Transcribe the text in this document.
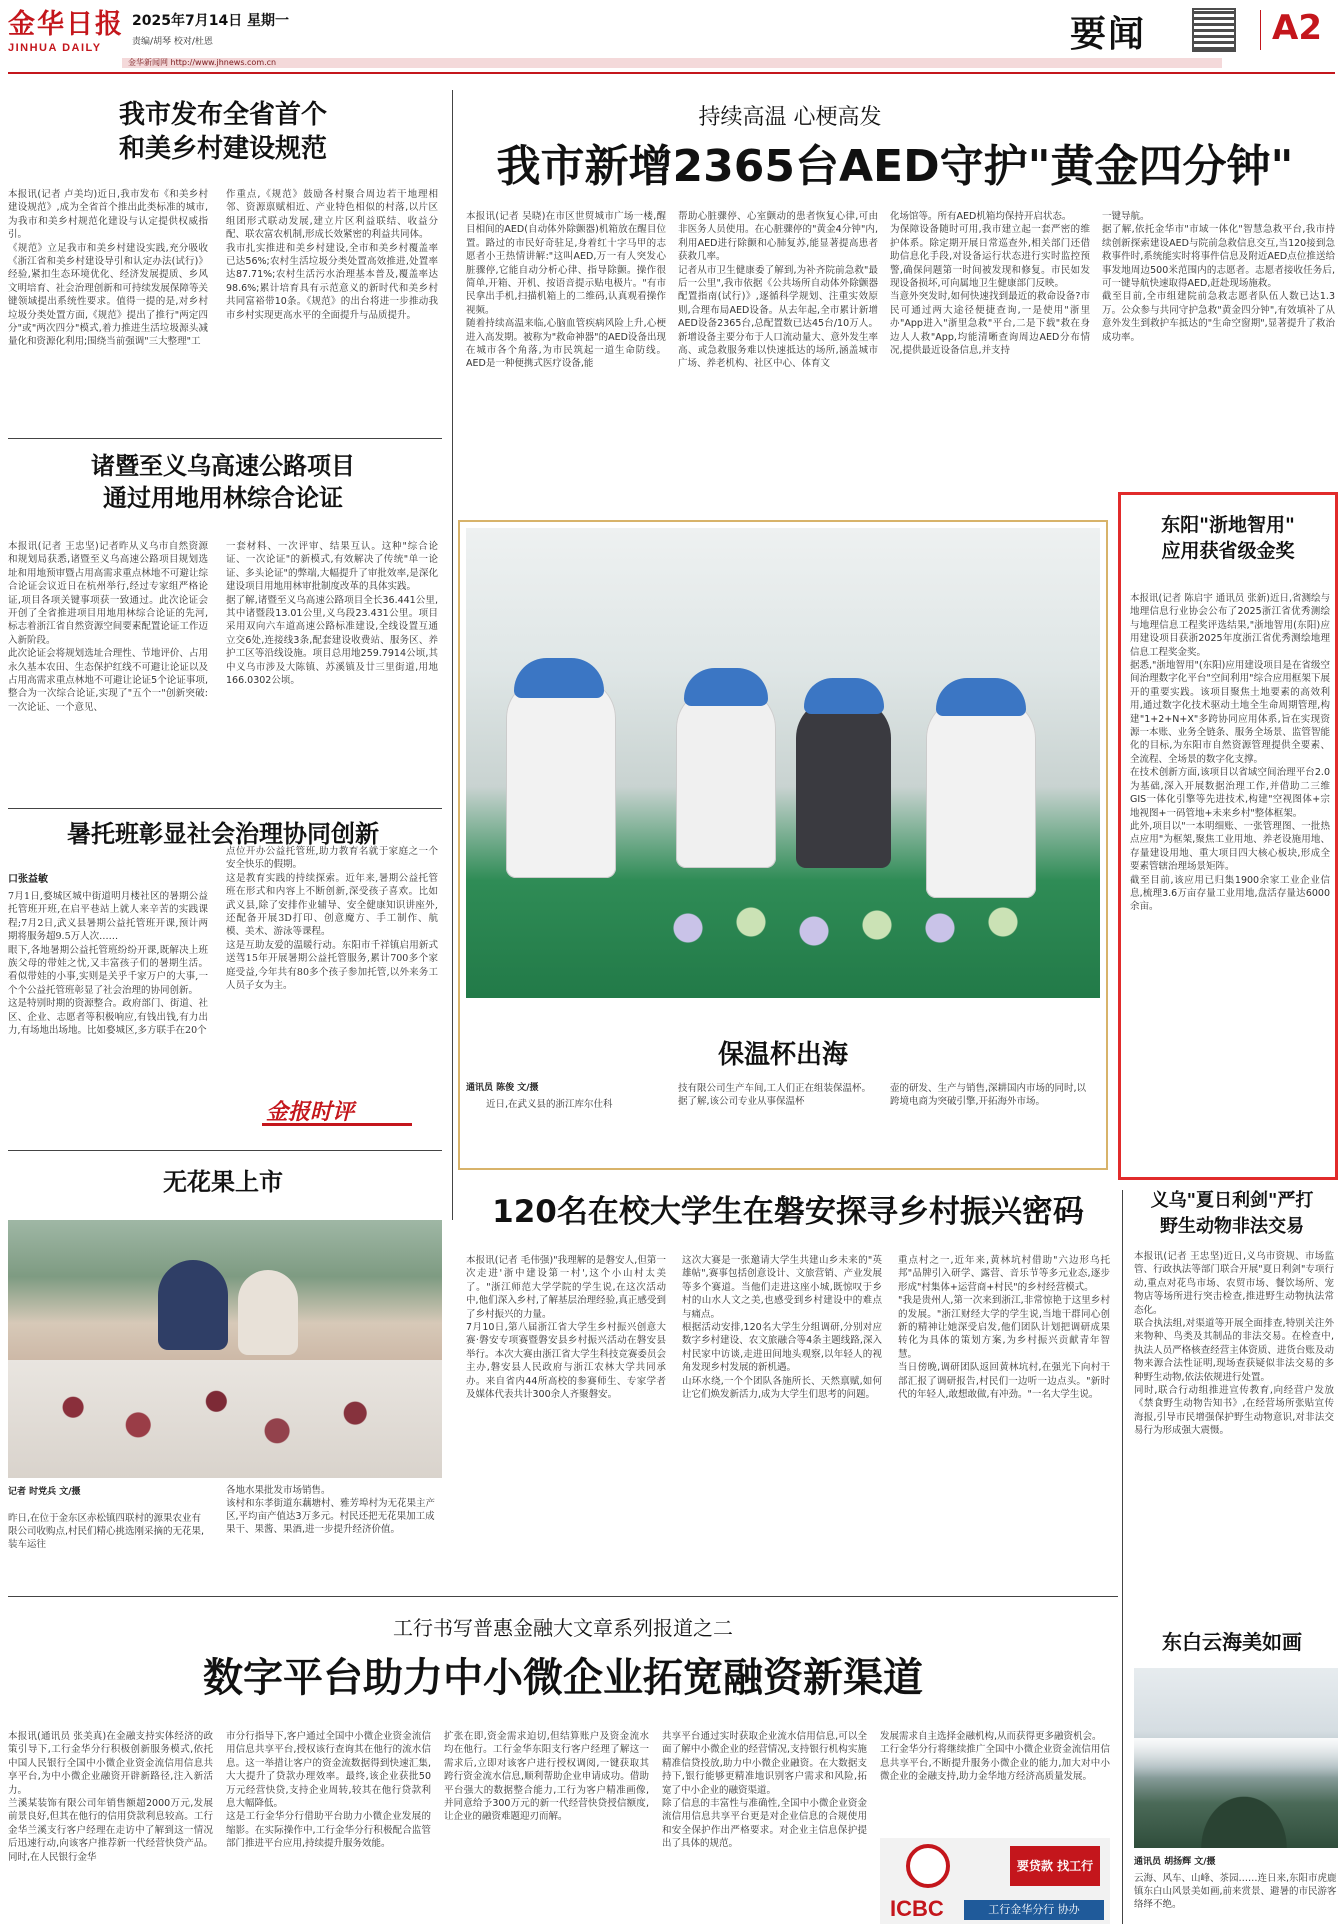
金华日报
JINHUA DAILY
2025年7月14日 星期一
责编/胡琴 校对/杜恩
金华新闻网 http://www.jhnews.com.cn
要闻	A2
我市发布全省首个
和美乡村建设规范
本报讯(记者 卢美均)近日,我市发布《和美乡村建设规范》,成为全省首个推出此类标准的城市,为我市和美乡村规范化建设与认定提供权威指引。
《规范》立足我市和美乡村建设实践,充分吸收《浙江省和美乡村建设导引和认定办法(试行)》经验,紧扣生态环境优化、经济发展提质、乡风文明培育、社会治理创新和可持续发展保障等关键领域提出系统性要求。值得一提的是,对乡村垃圾分类处置方面,《规范》提出了推行"两定四分"或"两次四分"模式,着力推进生活垃圾源头减量化和资源化利用;围绕当前强调"三大整理"工
作重点,《规范》鼓励各村聚合周边若干地理相邻、资源禀赋相近、产业特色相似的村落,以片区组团形式联动发展,建立片区利益联结、收益分配、联农富农机制,形成长效紧密的利益共同体。
我市扎实推进和美乡村建设,全市和美乡村覆盖率已达56%;农村生活垃圾分类处置高效推进,处置率达87.71%;农村生活污水治理基本普及,覆盖率达98.6%;累计培育具有示范意义的新时代和美乡村共同富裕带10条。《规范》的出台将进一步推动我市乡村实现更高水平的全面提升与品质提升。
诸暨至义乌高速公路项目
通过用地用林综合论证
本报讯(记者 王忠坚)记者昨从义乌市自然资源和规划局获悉,诸暨至义乌高速公路项目规划选址和用地预审暨占用高需求重点林地不可避让综合论证会议近日在杭州举行,经过专家组严格论证,项目各项关键事项获一致通过。此次论证会开创了全省推进项目用地用林综合论证的先河,标志着浙江省自然资源空间要素配置论证工作迈入新阶段。
此次论证会将规划选址合理性、节地评价、占用永久基本农田、生态保护红线不可避让论证以及占用高需求重点林地不可避让论证5个论证事项,整合为一次综合论证,实现了"五个一"创新突破:一次论证、一个意见、
一套材料、一次评审、结果互认。这种"综合论证、一次论证"的新模式,有效解决了传统"单一论证、多头论证"的弊端,大幅提升了审批效率,是深化建设项目用地用林审批制度改革的具体实践。
据了解,诸暨至义乌高速公路项目全长36.441公里,其中诸暨段13.01公里,义乌段23.431公里。项目采用双向六车道高速公路标准建设,全线设置互通立交6处,连接线3条,配套建设收费站、服务区、养护工区等沿线设施。项目总用地259.7914公顷,其中义乌市涉及大陈镇、苏溪镇及廿三里街道,用地166.0302公顷。
暑托班彰显社会治理协同创新
口张益敏
7月1日,婺城区城中街道明月楼社区的暑期公益托管班开班,在启平巷站上就人来辛苦的实践课程;7月2日,武义县暑期公益托管班开课,预计两期将服务超9.5万人次……
眼下,各地暑期公益托管班纷纷开课,既解决上班族父母的带娃之忧,又丰富孩子们的暑期生活。看似带娃的小事,实则是关乎千家万户的大事,一个个公益托管班彰显了社会治理的协同创新。
这是特别时期的资源整合。政府部门、街道、社区、企业、志愿者等积极响应,有钱出钱,有力出力,有场地出场地。比如婺城区,多方联手在20个
点位开办公益托管班,助力教育名就于家庭之一个安全快乐的假期。
这是教育实践的持续探索。近年来,暑期公益托管班在形式和内容上不断创新,深受孩子喜欢。比如武义县,除了安排作业辅导、安全健康知识讲座外,还配备开展3D打印、创意魔方、手工制作、航模、美术、游泳等课程。
这是互助友爱的温暖行动。东阳市千祥镇启用新式送驾15年开展暑期公益托管服务,累计700多个家庭受益,今年共有80多个孩子参加托管,以外来务工人员子女为主。
金报时评
无花果上市
记者 时党兵 文/摄
昨日,在位于金东区赤松镇四联村的源果农业有限公司收购点,村民们精心挑选刚采摘的无花果,装车运往
各地水果批发市场销售。
该村和东孝街道东藕塘村、雅芳埠村为无花果主产区,平均亩产值达3万多元。村民还把无花果加工成果干、果酱、果酒,进一步提升经济价值。
持续高温 心梗高发
我市新增2365台AED守护"黄金四分钟"
本报讯(记者 吴晓)在市区世贸城市广场一楼,醒目相间的AED(自动体外除颤器)机箱放在醒目位置。路过的市民好奇驻足,身着红十字马甲的志愿者小王热情讲解:"这叫AED,万一有人突发心脏骤停,它能自动分析心律、指导除颤。操作很简单,开箱、开机、按语音提示贴电极片。"有市民拿出手机,扫描机箱上的二维码,认真观看操作视频。
随着持续高温来临,心脑血管疾病风险上升,心梗进入高发期。被称为"救命神器"的AED设备出现在城市各个角落,为市民筑起一道生命防线。AED是一种便携式医疗设备,能
帮助心脏骤停、心室颤动的患者恢复心律,可由非医务人员使用。在心脏骤停的"黄金4分钟"内,利用AED进行除颤和心肺复苏,能显著提高患者获救几率。
记者从市卫生健康委了解到,为补齐院前急救"最后一公里",我市依据《公共场所自动体外除颤器配置指南(试行)》,逐循科学规划、注重实效原则,合理布局AED设备。从去年起,全市累计新增AED设备2365台,总配置数已达45台/10万人。新增设备主要分布于人口流动量大、意外发生率高、或急救服务难以快速抵达的场所,涵盖城市广场、养老机构、社区中心、体育文
化场馆等。所有AED机箱均保持开启状态。
为保障设备随时可用,我市建立起一套严密的维护体系。除定期开展日常巡查外,相关部门还借助信息化手段,对设备运行状态进行实时监控预警,确保问题第一时间被发现和修复。市民如发现设备损坏,可向属地卫生健康部门反映。
当意外突发时,如何快速找到最近的救命设备?市民可通过两大途径便捷查询,一是使用"浙里办"App进入"浙里急救"平台,二是下载"救在身边人人救"App,均能清晰查询周边AED分布情况,提供最近设备信息,并支持
一键导航。
据了解,依托金华市"市域一体化"智慧急救平台,我市持续创新探索建设AED与院前急救信息交互,当120接到急救事件时,系统能实时将事件信息及附近AED点位推送给事发地周边500米范围内的志愿者。志愿者接收任务后,可一键导航快速取得AED,赶赴现场施救。
截至目前,全市组建院前急救志愿者队伍人数已达1.3万。公众参与共同守护急救"黄金四分钟",有效填补了从意外发生到救护车抵达的"生命空窗期",显著提升了救治成功率。
保温杯出海
通讯员 陈俊 文/摄
近日,在武义县的浙江库尔仕科
技有限公司生产车间,工人们正在组装保温杯。
据了解,该公司专业从事保温杯
壶的研发、生产与销售,深耕国内市场的同时,以跨境电商为突破引擎,开拓海外市场。
东阳"浙地智用"
应用获省级金奖
本报讯(记者 陈启宇 通讯员 张新)近日,省测绘与地理信息行业协会公布了2025浙江省优秀测绘与地理信息工程奖评选结果,"浙地智用(东阳)应用建设项目获浙2025年度浙江省优秀测绘地理信息工程奖金奖。
据悉,"浙地智用"(东阳)应用建设项目是在省级空间治理数字化平台"空间利用"综合应用框架下展开的重要实践。该项目聚焦土地要素的高效利用,通过数字化技术驱动土地全生命周期管理,构建"1+2+N+X"多跨协同应用体系,旨在实现资源一本账、业务全链条、服务全场景、监管智能化的目标,为东阳市自然资源管理提供全要素、全流程、全场景的数字化支撑。
在技术创新方面,该项目以省域空间治理平台2.0为基础,深入开展数据治理工作,并借助二三维GIS一体化引擎等先进技术,构建"空视图体+宗地视图+一码管地+未来乡村"整体框架。
此外,项目以"一本明细账、一张管理图、一批热点应用"为框架,聚焦工业用地、养老设施用地、存量建设用地、重大项目四大核心板块,形成全要素管辖治理场景矩阵。
截至目前,该应用已归集1900余家工业企业信息,梳理3.6万亩存量工业用地,盘活存量达6000余亩。
义乌"夏日利剑"严打
野生动物非法交易
本报讯(记者 王忠坚)近日,义乌市资规、市场监管、行政执法等部门联合开展"夏日利剑"专项行动,重点对花鸟市场、农贸市场、餐饮场所、宠物店等场所进行突击检查,推进野生动物执法常态化。
联合执法组,对渠道等开展全面排查,特别关注外来物种、鸟类及其制品的非法交易。在检查中,执法人员严格核查经营主体资质、进货台账及动物来源合法性证明,现场查获疑似非法交易的多种野生动物,依法依规进行处置。
同时,联合行动组推进宣传教育,向经营户发放《禁食野生动物告知书》,在经营场所张贴宣传海报,引导市民增强保护野生动物意识,对非法交易行为形成强大震慑。
120名在校大学生在磐安探寻乡村振兴密码
本报讯(记者 毛伟强)"我理解的是磐安人,但第一次走进'浙中建设第一村',这个小山村太美了。"浙江师范大学学院的学生说,在这次活动中,他们深入乡村,了解基层治理经验,真正感受到了乡村振兴的力量。
7月10日,第八届浙江省大学生乡村振兴创意大赛·磐安专项赛暨磐安县乡村振兴活动在磐安县举行。本次大赛由浙江省大学生科技竞赛委员会主办,磐安县人民政府与浙江农林大学共同承办。来自省内44所高校的参赛师生、专家学者及媒体代表共计300余人齐聚磐安。
这次大赛是一张邀请大学生共建山乡未来的"英雄帖",赛事包括创意设计、文旅营销、产业发展等多个赛道。当他们走进这座小城,既惊叹于乡村的山水人文之美,也感受到乡村建设中的难点与痛点。
根据活动安排,120名大学生分组调研,分别对应数字乡村建设、农文旅融合等4条主题线路,深入村民家中访谈,走进田间地头观察,以年轻人的视角发现乡村发展的新机遇。
山环水绕,一个个团队各施所长、天然禀赋,如何让它们焕发新活力,成为大学生们思考的问题。
重点村之一,近年来,黄林坑村借助"六边形乌托邦"品牌引入研学、露营、音乐节等多元业态,逐步形成"村集体+运营商+村民"的乡村经营模式。
"我是贵州人,第一次来到浙江,非常惊艳于这里乡村的发展。"浙江财经大学的学生说,当地干群同心创新的精神让她深受启发,他们团队计划把调研成果转化为具体的策划方案,为乡村振兴贡献青年智慧。
当日傍晚,调研团队返回黄林坑村,在强光下向村干部汇报了调研报告,村民们一边听一边点头。"新时代的年轻人,敢想敢做,有冲劲。"一名大学生说。
工行书写普惠金融大文章系列报道之二
数字平台助力中小微企业拓宽融资新渠道
本报讯(通讯员 张美真)在金融支持实体经济的政策引导下,工行金华分行积极创新服务模式,依托中国人民银行全国中小微企业资金流信用信息共享平台,为中小微企业融资开辟新路径,注入新活力。
兰溪某装饰有限公司年销售额超2000万元,发展前景良好,但其在他行的信用贷款利息较高。工行金华兰溪支行客户经理在走访中了解到这一情况后迅速行动,向该客户推荐新一代经营快贷产品。同时,在人民银行金华
市分行指导下,客户通过全国中小微企业资金流信用信息共享平台,授权该行查询其在他行的流水信息。这一举措让客户的资金流数据得到快速汇集,大大提升了贷款办理效率。最终,该企业获批50万元经营快贷,支持企业周转,较其在他行贷款利息大幅降低。
这是工行金华分行借助平台助力小微企业发展的缩影。在实际操作中,工行金华分行积极配合监管部门推进平台应用,持续提升服务效能。
扩张在即,资金需求迫切,但结算账户及资金流水均在他行。工行金华东阳支行客户经理了解这一需求后,立即对该客户进行授权调阅,一键获取其跨行资金流水信息,顺利帮助企业申请成功。借助平台强大的数据整合能力,工行为客户精准画像,并同意给予300万元的新一代经营快贷授信额度,让企业的融资难题迎刃而解。
共享平台通过实时获取企业流水信用信息,可以全面了解中小微企业的经营情况,支持银行机构实施精准信贷投放,助力中小微企业融资。在大数据支持下,银行能够更精准地识别客户需求和风险,拓宽了中小企业的融资渠道。
除了信息的丰富性与准确性,全国中小微企业资金流信用信息共享平台更是对企业信息的合规使用和安全保护作出严格要求。对企业主信息保护提出了具体的规范。
发展需求自主选择金融机构,从而获得更多融资机会。
工行金华分行将继续推广全国中小微企业资金流信用信息共享平台,不断提升服务小微企业的能力,加大对中小微企业的金融支持,助力金华地方经济高质量发展。
ICBC
要贷款 找工行
工行金华分行 协办
东白云海美如画
通讯员 胡扬辉 文/摄
云海、风车、山峰、茶园……连日来,东阳市虎鹿镇东白山风景美如画,前来赏景、避暑的市民游客络绎不绝。
